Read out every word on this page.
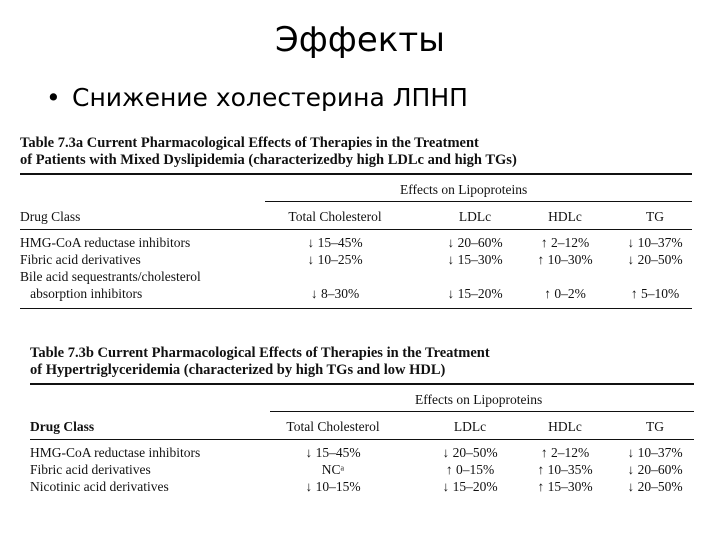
Эффекты
• Снижение холестерина ЛПНП
Table 7.3a Current Pharmacological Effects of Therapies in the Treatment
of Patients with Mixed Dyslipidemia (characterizedby high LDLc and high TGs)
Effects on Lipoproteins
Drug Class	Total Cholesterol	LDLc	HDLc	TG
HMG-CoA reductase inhibitors	↓ 15–45%	↓ 20–60%	↑ 2–12%	↓ 10–37%
Fibric acid derivatives	↓ 10–25%	↓ 15–30%	↑ 10–30%	↓ 20–50%
Bile acid sequestrants/cholesterol
absorption inhibitors	↓ 8–30%	↓ 15–20%	↑ 0–2%	↑ 5–10%
Table 7.3b Current Pharmacological Effects of Therapies in the Treatment
of Hypertriglyceridemia (characterized by high TGs and low HDL)
Effects on Lipoproteins
Drug Class	Total Cholesterol	LDLc	HDLc	TG
HMG-CoA reductase inhibitors	↓ 15–45%	↓ 20–50%	↑ 2–12%	↓ 10–37%
Fibric acid derivatives	NCᵃ	↑ 0–15%	↑ 10–35%	↓ 20–60%
Nicotinic acid derivatives	↓ 10–15%	↓ 15–20%	↑ 15–30%	↓ 20–50%
